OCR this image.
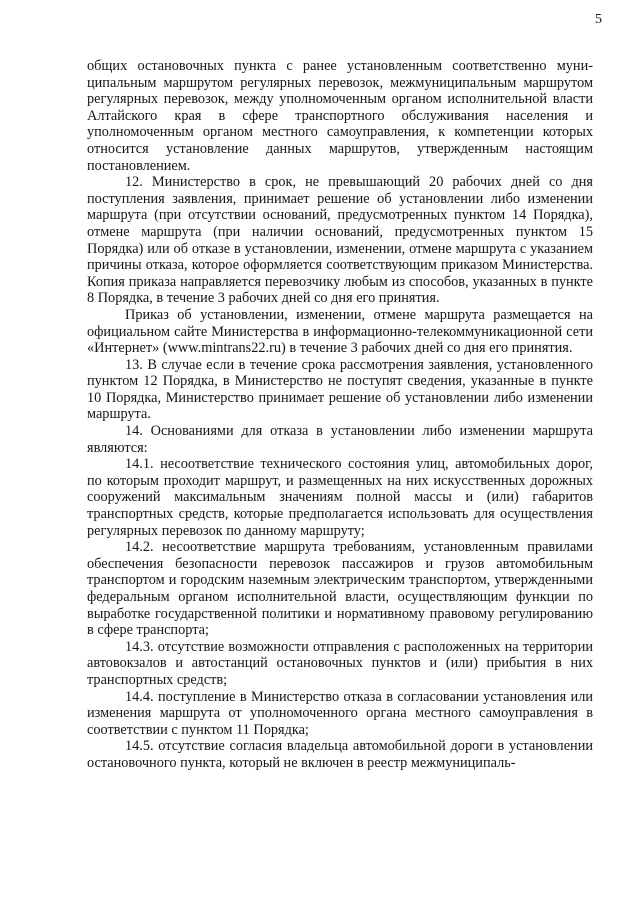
5

общих остановочных пункта с ранее установленным соответственно муниципальным маршрутом регулярных перевозок, межмуниципальным маршрутом регулярных перевозок, между уполномоченным органом исполнительной власти Алтайского края в сфере транспортного обслуживания населения и уполномоченным органом местного самоуправления, к компетенции которых относится установление данных маршрутов, утвержденным настоящим постановлением.

12. Министерство в срок, не превышающий 20 рабочих дней со дня поступления заявления, принимает решение об установлении либо изменении маршрута (при отсутствии оснований, предусмотренных пунктом 14 Порядка), отмене маршрута (при наличии оснований, предусмотренных пунктом 15 Порядка) или об отказе в установлении, изменении, отмене маршрута с указанием причины отказа, которое оформляется соответствующим приказом Министерства. Копия приказа направляется перевозчику любым из способов, указанных в пункте 8 Порядка, в течение 3 рабочих дней со дня его принятия.

Приказ об установлении, изменении, отмене маршрута размещается на официальном сайте Министерства в информационно-телекоммуникационной сети «Интернет» (www.mintrans22.ru) в течение 3 рабочих дней со дня его принятия.

13. В случае если в течение срока рассмотрения заявления, установленного пунктом 12 Порядка, в Министерство не поступят сведения, указанные в пункте 10 Порядка, Министерство принимает решение об установлении либо изменении маршрута.

14. Основаниями для отказа в установлении либо изменении маршрута являются:

14.1. несоответствие технического состояния улиц, автомобильных дорог, по которым проходит маршрут, и размещенных на них искусственных дорожных сооружений максимальным значениям полной массы и (или) габаритов транспортных средств, которые предполагается использовать для осуществления регулярных перевозок по данному маршруту;

14.2. несоответствие маршрута требованиям, установленным правилами обеспечения безопасности перевозок пассажиров и грузов автомобильным транспортом и городским наземным электрическим транспортом, утвержденными федеральным органом исполнительной власти, осуществляющим функции по выработке государственной политики и нормативному правовому регулированию в сфере транспорта;

14.3. отсутствие возможности отправления с расположенных на территории автовокзалов и автостанций остановочных пунктов и (или) прибытия в них транспортных средств;

14.4. поступление в Министерство отказа в согласовании установления или изменения маршрута от уполномоченного органа местного самоуправления в соответствии с пунктом 11 Порядка;

14.5. отсутствие согласия владельца автомобильной дороги в установлении остановочного пункта, который не включен в реестр межмуниципаль-
